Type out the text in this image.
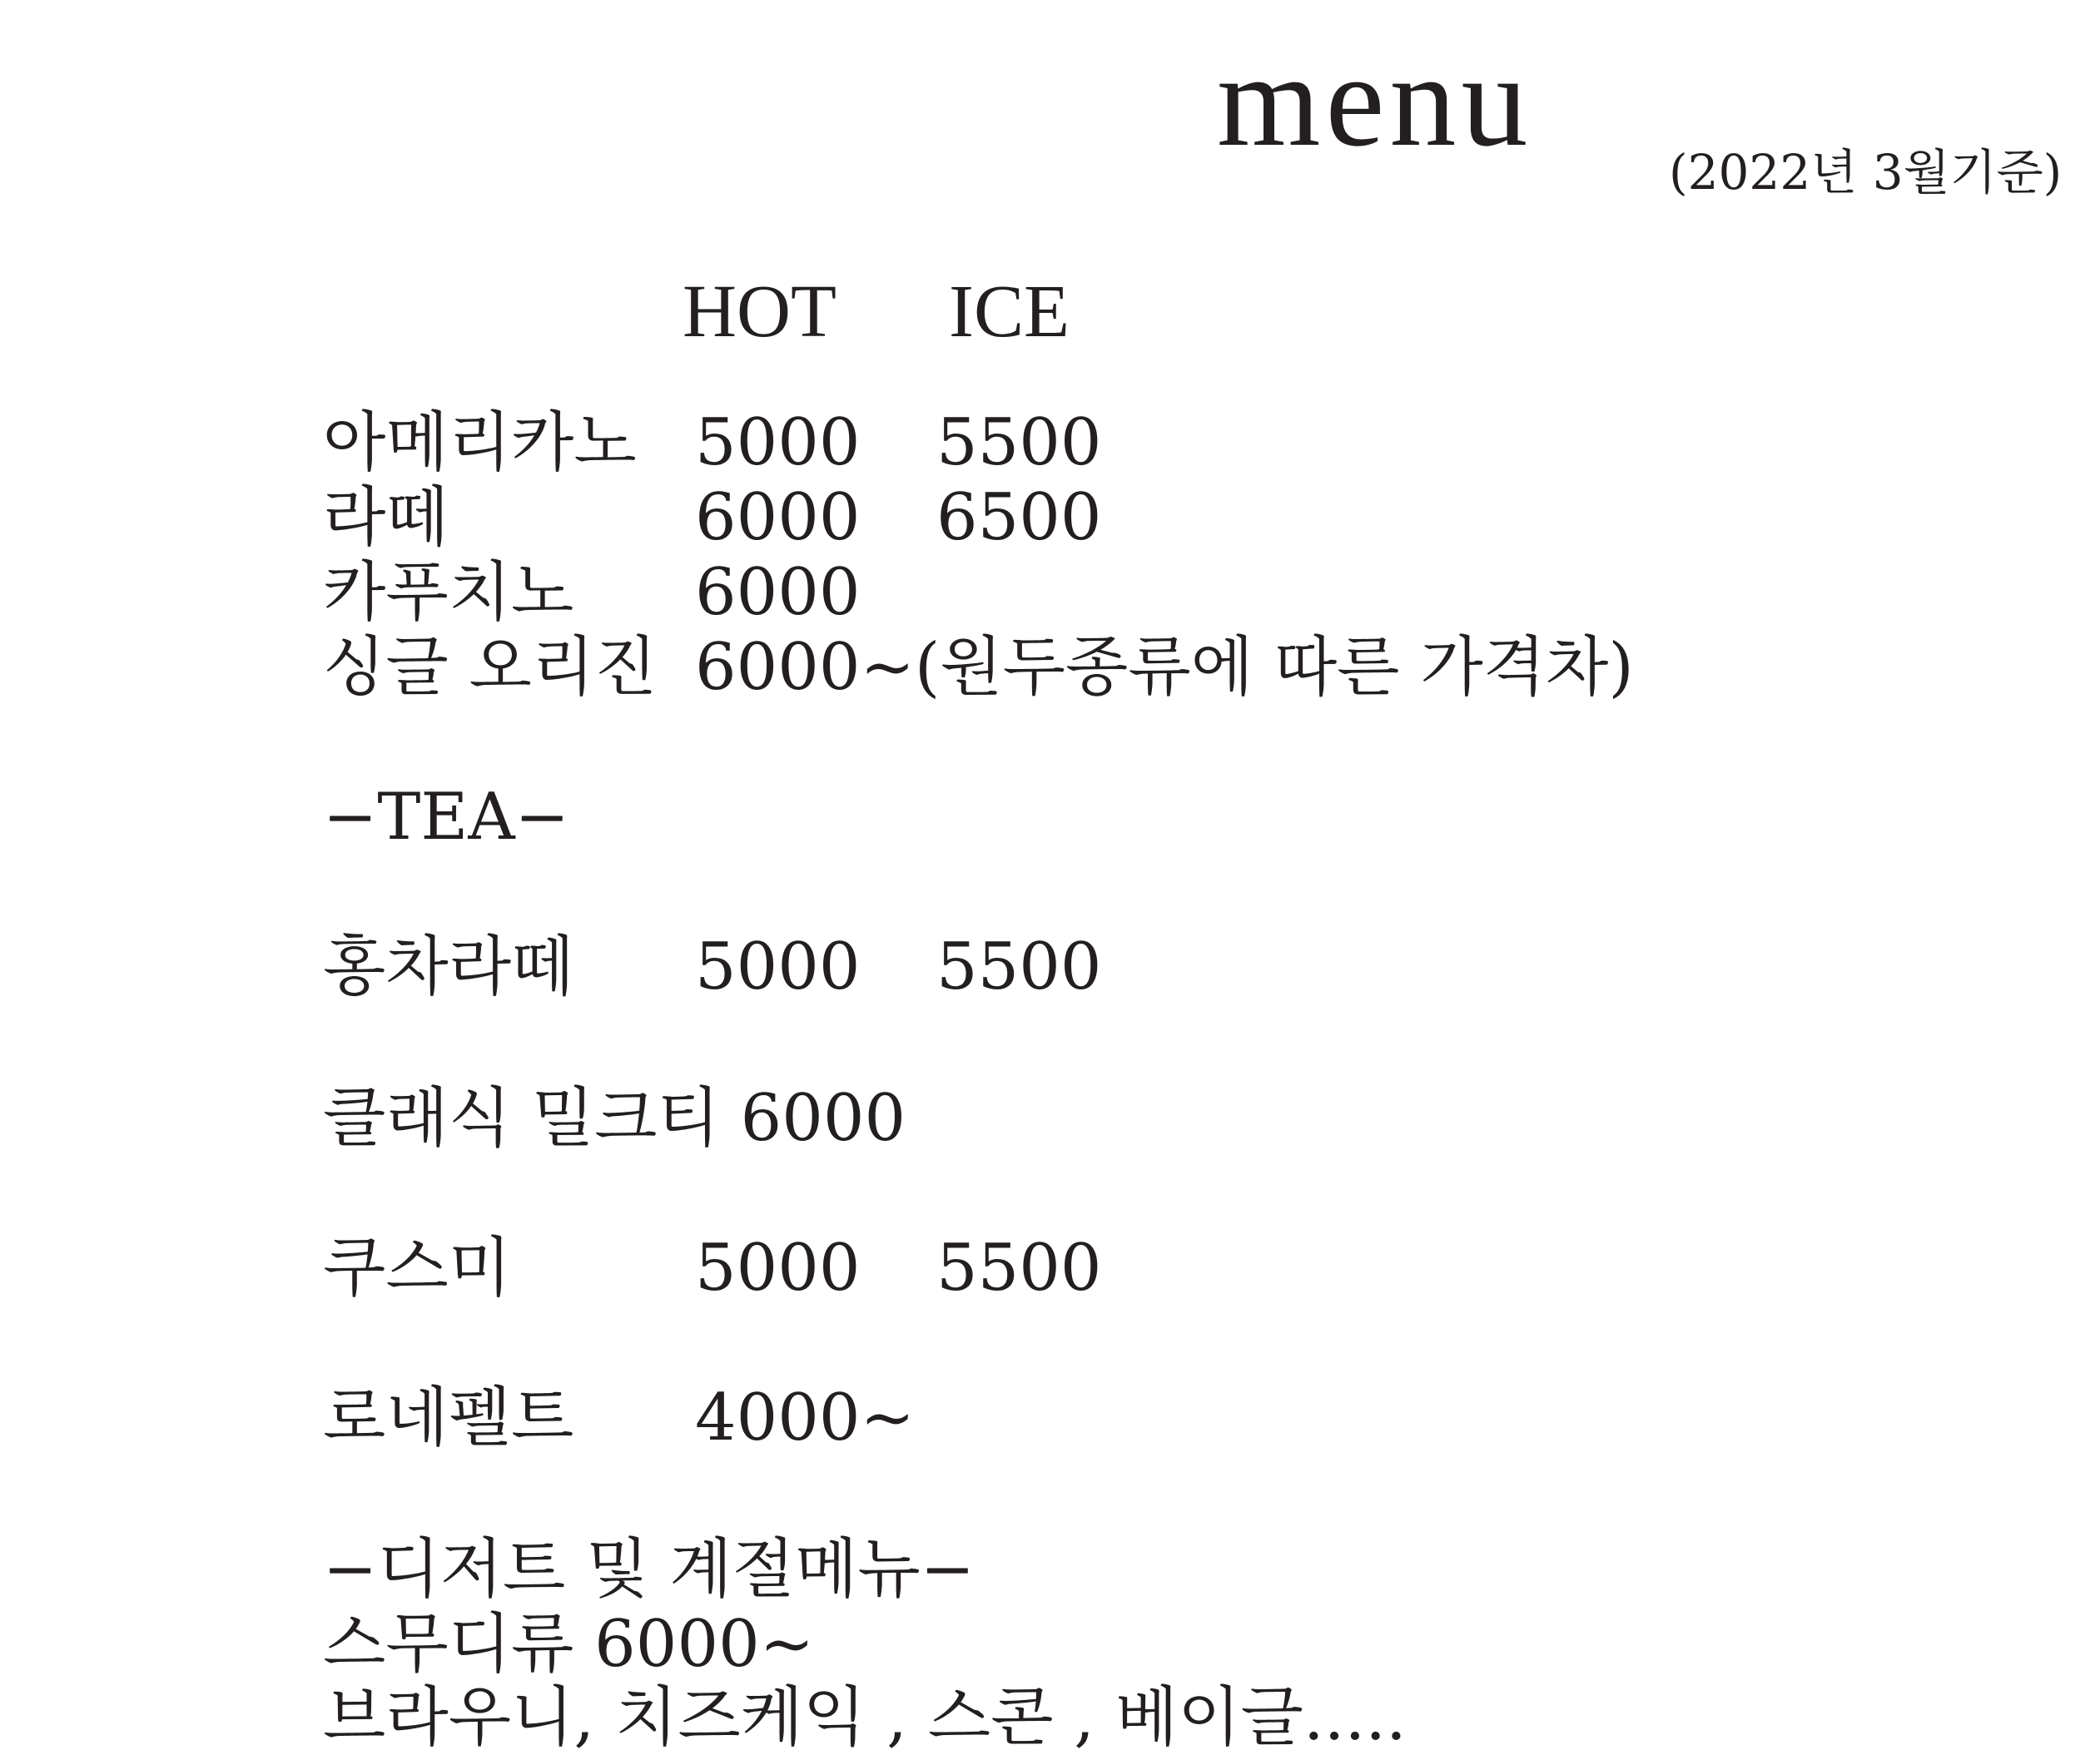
menu	(2022년 3월기준)
HOT ICE
아메리카노 5000 5500
라떼	6000 6500
카푸치노 6000
싱글 오리진 6000~(원두종류에 따른 가격차)
−TEA−
홍차라떼 5000 5500
클래식 밀크티 6000
쿠스미	5000 5500
로네펠트 4000~
−디저트 및 계절메뉴−
스무디류 6000~
브라우니, 치즈케익 , 스콘 , 베이글.....
